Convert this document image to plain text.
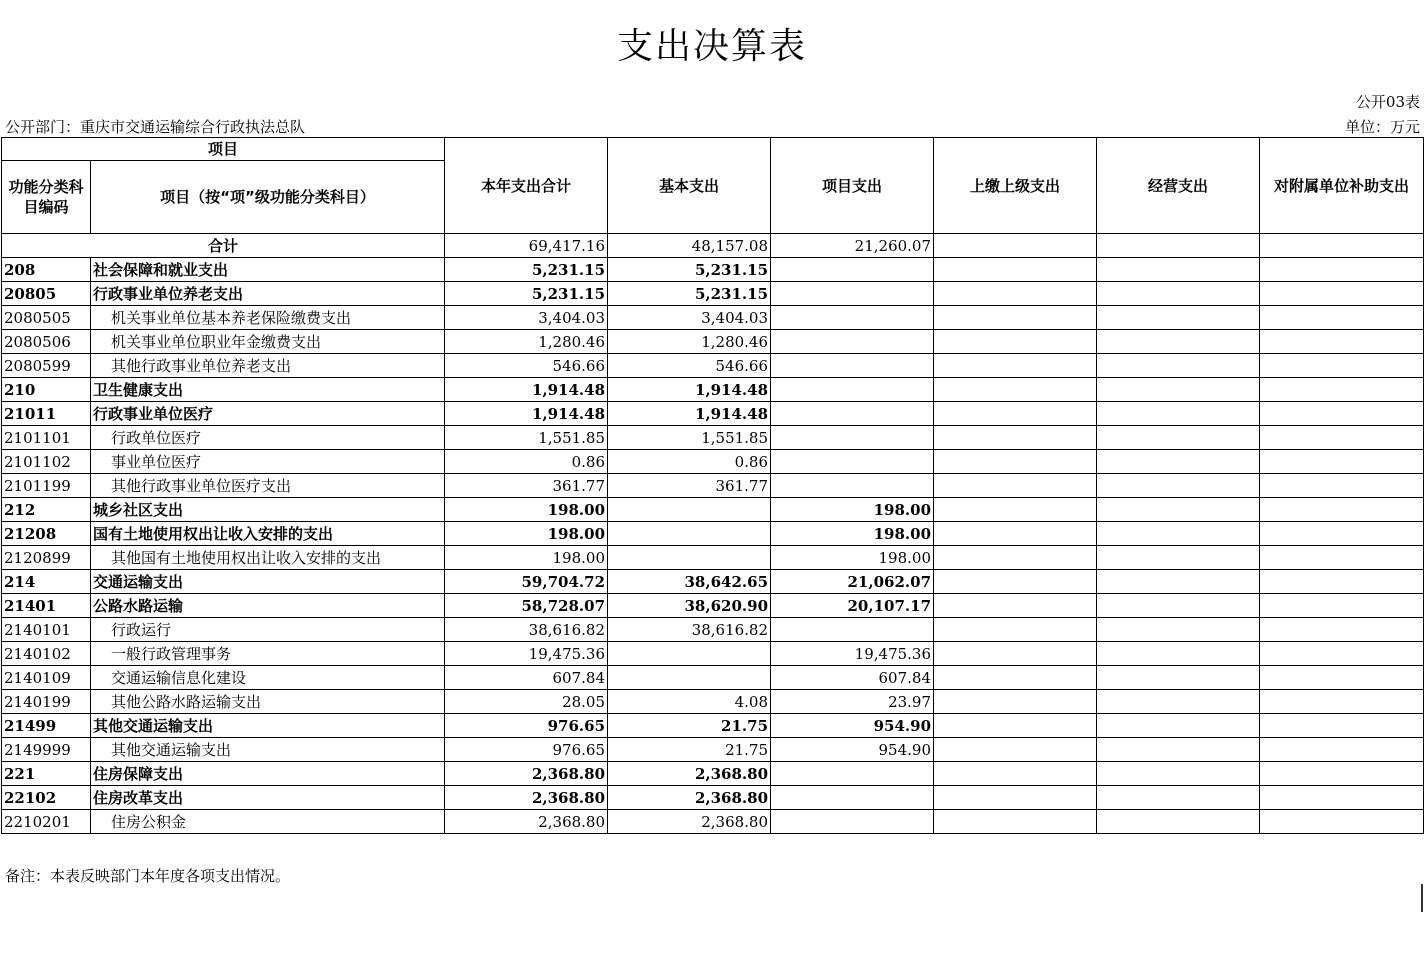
支出决算表
公开03表
公开部门：重庆市交通运输综合行政执法总队	单位：万元
项目		本年支出合计	基本支出	项目支出	上缴上级支出	经营支出	对附属单位补助支出
功能分类科目编码	项目（按“项”级功能分类科目）						
合计		69,417.16	48,157.08	21,260.07			
208	社会保障和就业支出	5,231.15	5,231.15				
20805	行政事业单位养老支出	5,231.15	5,231.15				
2080505	机关事业单位基本养老保险缴费支出	3,404.03	3,404.03				
2080506	机关事业单位职业年金缴费支出	1,280.46	1,280.46				
2080599	其他行政事业单位养老支出	546.66	546.66				
210	卫生健康支出	1,914.48	1,914.48				
21011	行政事业单位医疗	1,914.48	1,914.48				
2101101	行政单位医疗	1,551.85	1,551.85				
2101102	事业单位医疗	0.86	0.86				
2101199	其他行政事业单位医疗支出	361.77	361.77				
212	城乡社区支出	198.00		198.00			
21208	国有土地使用权出让收入安排的支出	198.00		198.00			
2120899	其他国有土地使用权出让收入安排的支出	198.00		198.00			
214	交通运输支出	59,704.72	38,642.65	21,062.07			
21401	公路水路运输	58,728.07	38,620.90	20,107.17			
2140101	行政运行	38,616.82	38,616.82				
2140102	一般行政管理事务	19,475.36		19,475.36			
2140109	交通运输信息化建设	607.84		607.84			
2140199	其他公路水路运输支出	28.05	4.08	23.97			
21499	其他交通运输支出	976.65	21.75	954.90			
2149999	其他交通运输支出	976.65	21.75	954.90			
221	住房保障支出	2,368.80	2,368.80				
22102	住房改革支出	2,368.80	2,368.80				
2210201	住房公积金	2,368.80	2,368.80				
备注：本表反映部门本年度各项支出情况。
